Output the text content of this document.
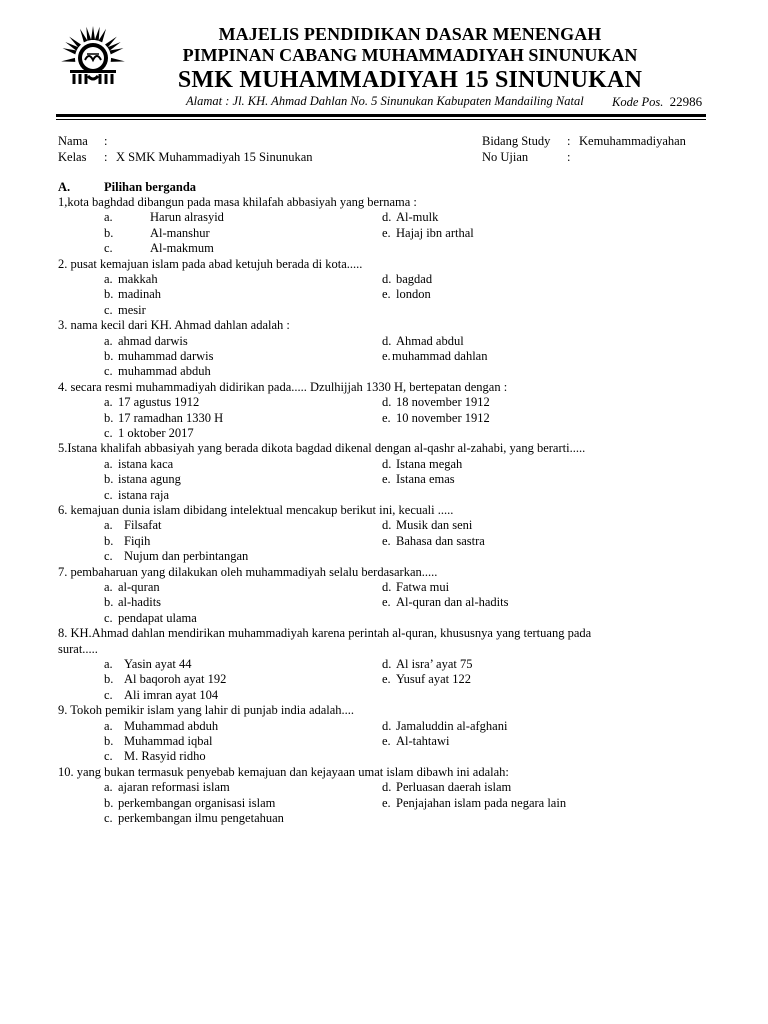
MAJELIS PENDIDIKAN DASAR MENENGAH
PIMPINAN CABANG MUHAMMADIYAH SINUNUKAN
SMK MUHAMMADIYAH 15 SINUNUKAN
Alamat : Jl. KH. Ahmad Dahlan No. 5 Sinunukan Kabupaten Mandailing Natal Kode Pos. 22986
Nama :
Kelas : X SMK Muhammadiyah 15 Sinunukan
Bidang Study : Kemuhammadiyahan
No Ujian	:
A.	Pilihan berganda
1,kota baghdad dibangun pada masa khilafah abbasiyah yang bernama :
a.	Harun alrasyid	d. Al-mulk
b.	Al-manshur	e. Hajaj ibn arthal
c.	Al-makmum
2. pusat kemajuan islam pada abad ketujuh berada di kota.....
a. makkah	d. bagdad
b. madinah	e. london
c. mesir
3. nama kecil dari KH. Ahmad dahlan adalah :
a. ahmad darwis	d. Ahmad abdul
b. muhammad darwis	e.muhammad dahlan
c. muhammad abduh
4. secara resmi muhammadiyah didirikan pada..... Dzulhijjah 1330 H, bertepatan dengan :
a. 17 agustus 1912	d. 18 november 1912
b. 17 ramadhan 1330 H	e. 10 november 1912
c. 1 oktober 2017
5.Istana khalifah abbasiyah yang berada dikota bagdad dikenal dengan al-qashr al-zahabi, yang berarti.....
a. istana kaca	d. Istana megah
b. istana agung	e. Istana emas
c. istana raja
6. kemajuan dunia islam dibidang intelektual mencakup berikut ini, kecuali .....
a. Filsafat	d. Musik dan seni
b. Fiqih	e. Bahasa dan sastra
c. Nujum dan perbintangan
7. pembaharuan yang dilakukan oleh muhammadiyah selalu berdasarkan.....
a. al-quran	d. Fatwa mui
b. al-hadits	e. Al-quran dan al-hadits
c. pendapat ulama
8. KH.Ahmad dahlan mendirikan muhammadiyah karena perintah al-quran, khususnya yang tertuang pada
surat.....
a. Yasin ayat 44	d. Al isra’ ayat 75
b. Al baqoroh ayat 192	e. Yusuf ayat 122
c. Ali imran ayat 104
9. Tokoh pemikir islam yang lahir di punjab india adalah....
a. Muhammad abduh	d. Jamaluddin al-afghani
b. Muhammad iqbal	e. Al-tahtawi
c. M. Rasyid ridho
10. yang bukan termasuk penyebab kemajuan dan kejayaan umat islam dibawh ini adalah:
a. ajaran reformasi islam	d. Perluasan daerah islam
b. perkembangan organisasi islam	e. Penjajahan islam pada negara lain
c. perkembangan ilmu pengetahuan
